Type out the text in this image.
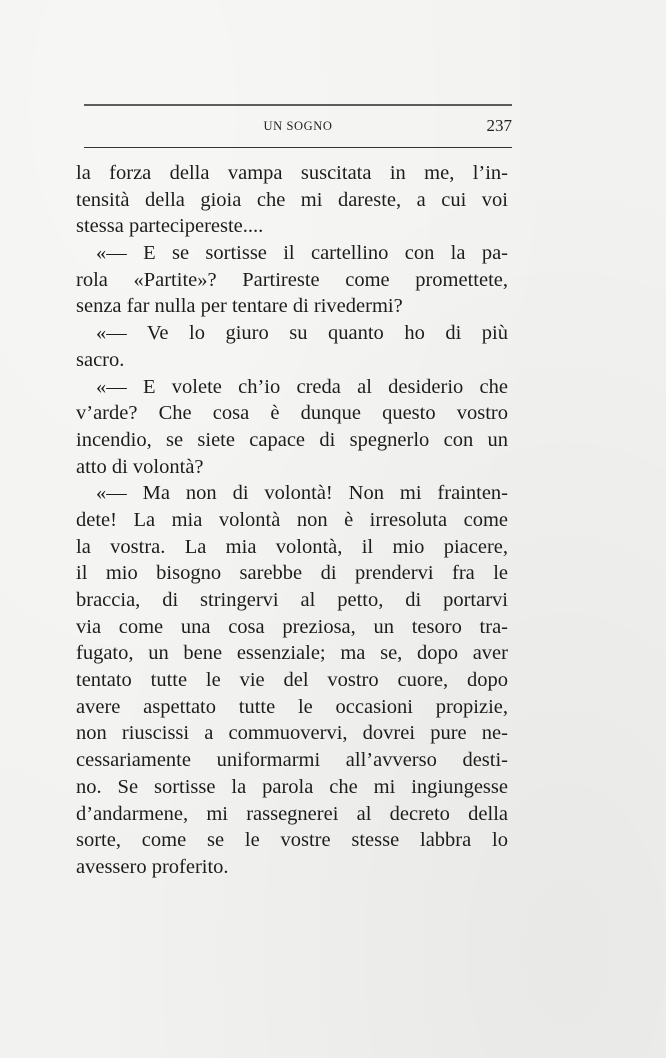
UN SOGNO	237
la forza della vampa suscitata in me, l’in-
tensità della gioia che mi dareste, a cui voi
stessa partecipereste....
«— E se sortisse il cartellino con la pa-
rola «Partite»? Partireste come promettete,
senza far nulla per tentare di rivedermi?
«— Ve lo giuro su quanto ho di più
sacro.
«— E volete ch’io creda al desiderio che
v’arde? Che cosa è dunque questo vostro
incendio, se siete capace di spegnerlo con un
atto di volontà?
«— Ma non di volontà! Non mi frainten-
dete! La mia volontà non è irresoluta come
la vostra. La mia volontà, il mio piacere,
il mio bisogno sarebbe di prendervi fra le
braccia, di stringervi al petto, di portarvi
via come una cosa preziosa, un tesoro tra-
fugato, un bene essenziale; ma se, dopo aver
tentato tutte le vie del vostro cuore, dopo
avere aspettato tutte le occasioni propizie,
non riuscissi a commuovervi, dovrei pure ne-
cessariamente uniformarmi all’avverso desti-
no. Se sortisse la parola che mi ingiungesse
d’andarmene, mi rassegnerei al decreto della
sorte, come se le vostre stesse labbra lo
avessero proferito.
